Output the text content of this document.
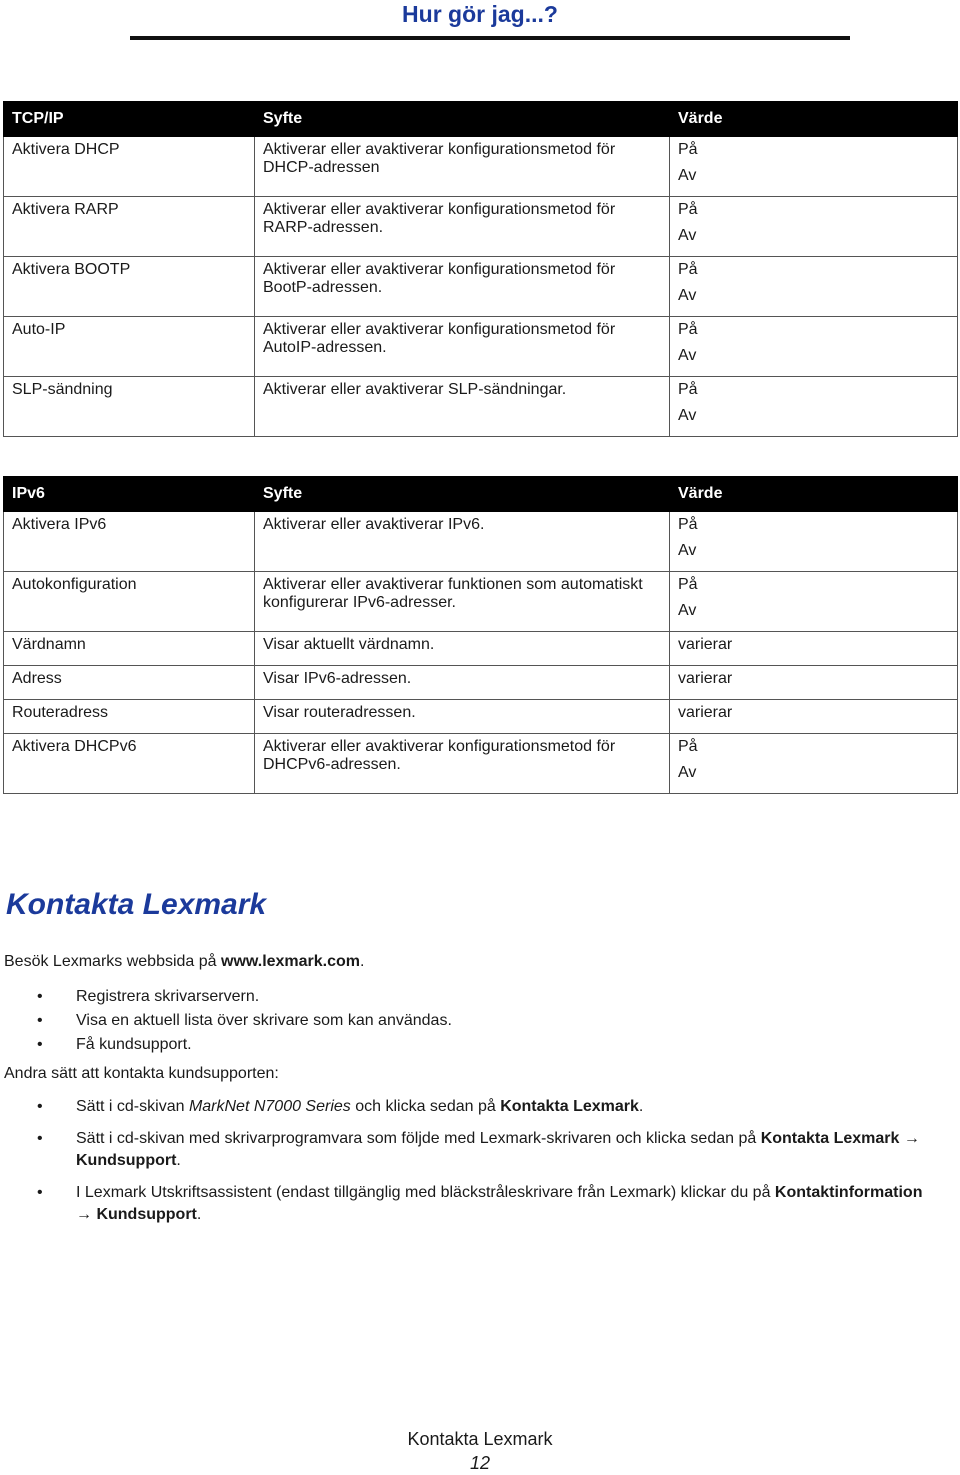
Hur gör jag...?
TCP/IP	Syfte	Värde
Aktivera DHCP	Aktiverar eller avaktiverar konfigurationsmetod för DHCP-adressen	På
Av

Aktivera RARP	Aktiverar eller avaktiverar konfigurationsmetod för RARP-adressen.	På
Av

Aktivera BOOTP	Aktiverar eller avaktiverar konfigurationsmetod för BootP-adressen.	På
Av

Auto-IP	Aktiverar eller avaktiverar konfigurationsmetod för AutoIP-adressen.	På
Av

SLP-sändning	Aktiverar eller avaktiverar SLP-sändningar.	På
Av
IPv6	Syfte	Värde
Aktivera IPv6	Aktiverar eller avaktiverar IPv6.	På
Av

Autokonfiguration	Aktiverar eller avaktiverar funktionen som automatiskt konfigurerar IPv6-adresser.	På
Av

Värdnamn	Visar aktuellt värdnamn.	varierar
Adress	Visar IPv6-adressen.	varierar
Routeradress	Visar routeradressen.	varierar
Aktivera DHCPv6	Aktiverar eller avaktiverar konfigurationsmetod för DHCPv6-adressen.	På
Av
Kontakta Lexmark
Besök Lexmarks webbsida på www.lexmark.com.
• Registrera skrivarservern.
• Visa en aktuell lista över skrivare som kan användas.
• Få kundsupport.
Andra sätt att kontakta kundsupporten:
• Sätt i cd-skivan MarkNet N7000 Series och klicka sedan på Kontakta Lexmark.
• Sätt i cd-skivan med skrivarprogramvara som följde med Lexmark-skrivaren och klicka sedan på Kontakta Lexmark → Kundsupport.
• I Lexmark Utskriftsassistent (endast tillgänglig med bläckstråleskrivare från Lexmark) klickar du på Kontaktinformation → Kundsupport.
Kontakta Lexmark
12
